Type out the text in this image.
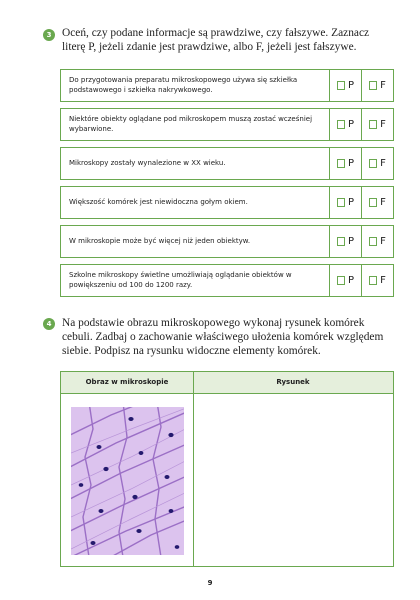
3 Oceń, czy podane informacje są prawdziwe, czy fałszywe. Zaznacz
literę P, jeżeli zdanie jest prawdziwe, albo F, jeżeli jest fałszywe.
Do przygotowania preparatu mikroskopowego używa się szkiełka podstawowego i szkiełka nakrywkowego.	P	F
Niektóre obiekty oglądane pod mikroskopem muszą zostać wcześniej wybarwione.	P	F
Mikroskopy zostały wynalezione w XX wieku.	P	F
Większość komórek jest niewidoczna gołym okiem.	P	F
W mikroskopie może być więcej niż jeden obiektyw.	P	F
Szkolne mikroskopy świetlne umożliwiają oglądanie obiektów w powiększeniu od 100 do 1200 razy.	P	F
4 Na podstawie obrazu mikroskopowego wykonaj rysunek komórek
cebuli. Zadbaj o zachowanie właściwego ułożenia komórek względem
siebie. Podpisz na rysunku widoczne elementy komórek.
Obraz w mikroskopie	Rysunek
9
